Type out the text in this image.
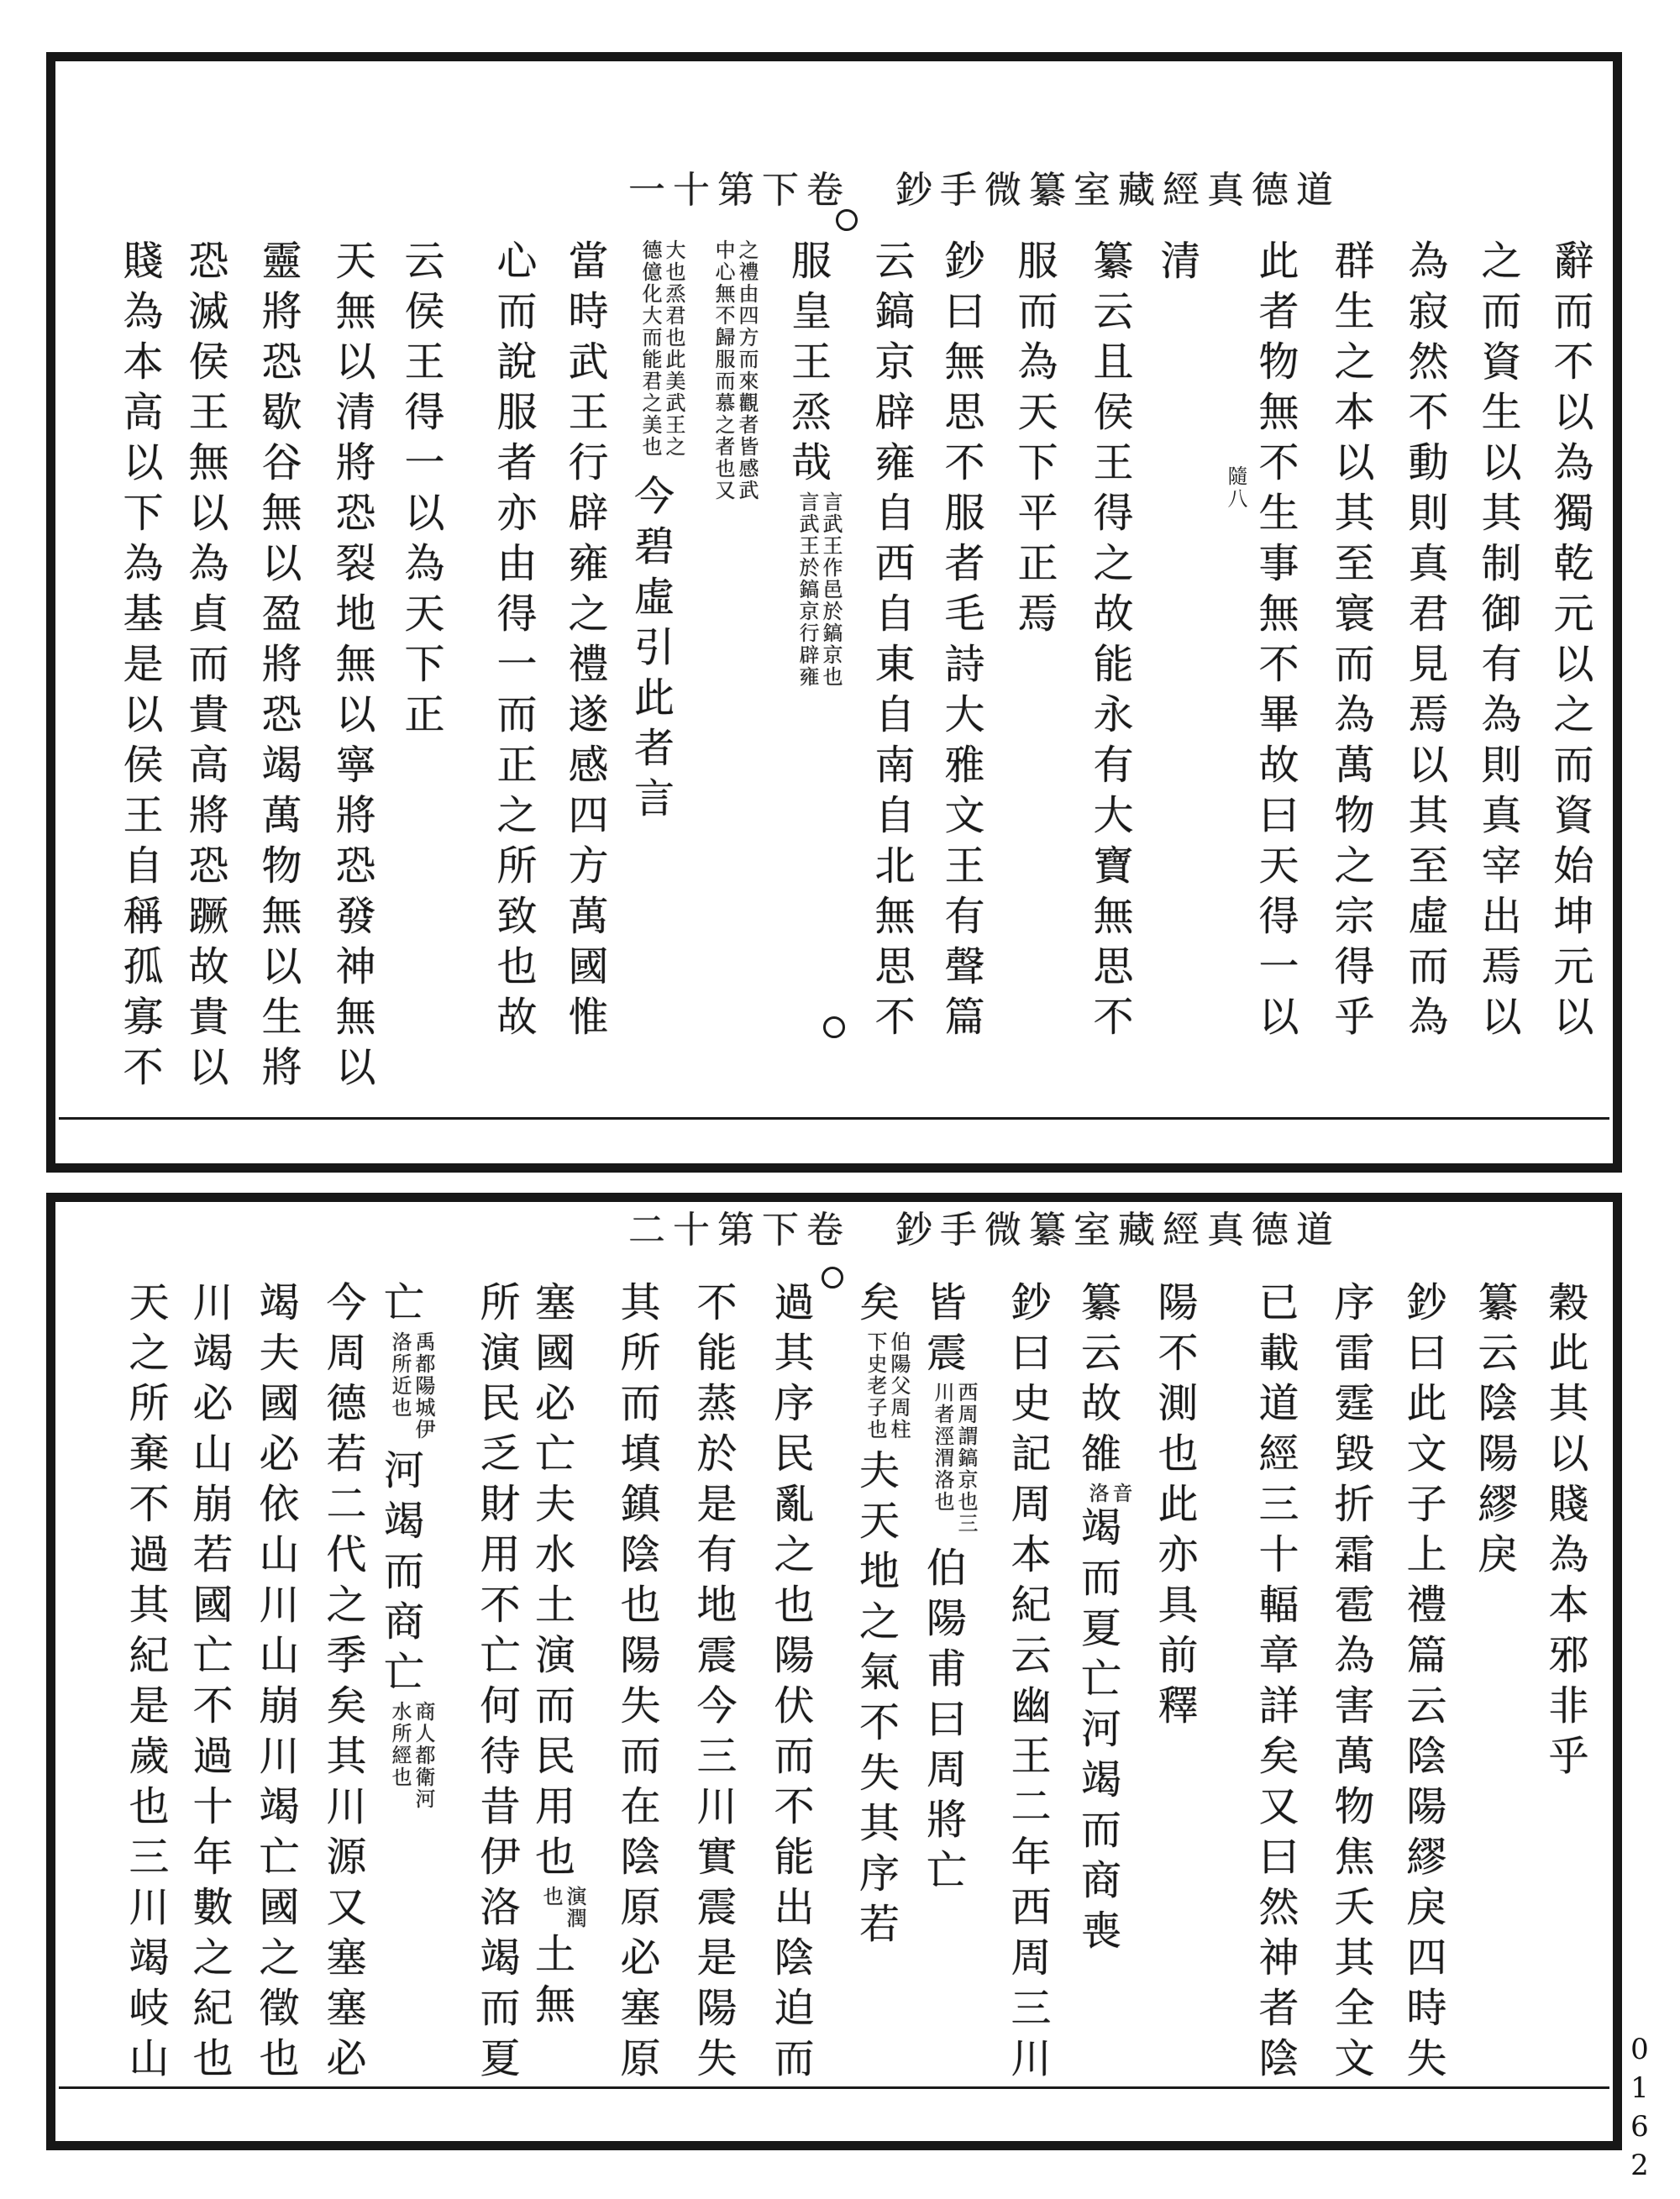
一十第下卷　鈔手微纂室藏經真德道
二十第下卷　鈔手微纂室藏經真德道
辭而不以為獨乾元以之而資始坤元以
之而資生以其制御有為則真宰出焉以
為寂然不動則真君見焉以其至虛而為
群生之本以其至寰而為萬物之宗得乎
此者物無不生事無不畢故曰天得一以
清
纂云且侯王得之故能永有大寶無思不
服而為天下平正焉
鈔曰無思不服者毛詩大雅文王有聲篇
云鎬京辟雍自西自東自南自北無思不
服皇王烝哉言武王作邑於鎬京也言武王於鎬京行辟雍
之禮由四方而來觀者皆感武中心無不歸服而慕之者也又
大也烝君也此美武王之德億化大而能君之美也今碧虛引此者言
當時武王行辟雍之禮遂感四方萬國惟
心而說服者亦由得一而正之所致也故
云侯王得一以為天下正
天無以清將恐裂地無以寧將恐發神無以
靈將恐歇谷無以盈將恐竭萬物無以生將
恐滅侯王無以為貞而貴高將恐蹶故貴以
賤為本高以下為基是以侯王自稱孤寡不	隨八
穀此其以賤為本邪非乎
纂云陰陽繆戾
鈔曰此文子上禮篇云陰陽繆戾四時失
序雷霆毀折霜雹為害萬物焦夭其全文
已載道經三十輻章詳矣又曰然神者陰
陽不測也此亦具前釋
纂云故雒音洛竭而夏亡河竭而商喪
鈔曰史記周本紀云幽王二年西周三川
皆震西周謂鎬京也三川者涇渭洛也伯陽甫曰周將亡
矣伯陽父周柱下史老子也夫天地之氣不失其序若
過其序民亂之也陽伏而不能出陰迫而
不能蒸於是有地震今三川實震是陽失
其所而填鎮陰也陽失而在陰原必塞原
塞國必亡夫水土演而民用也演潤也土無
所演民乏財用不亡何待昔伊洛竭而夏
亡禹都陽城伊洛所近也河竭而商亡商人都衛河水所經也
今周德若二代之季矣其川源又塞塞必
竭夫國必依山川山崩川竭亡國之徵也
川竭必山崩若國亡不過十年數之紀也
天之所棄不過其紀是歲也三川竭岐山
0162
